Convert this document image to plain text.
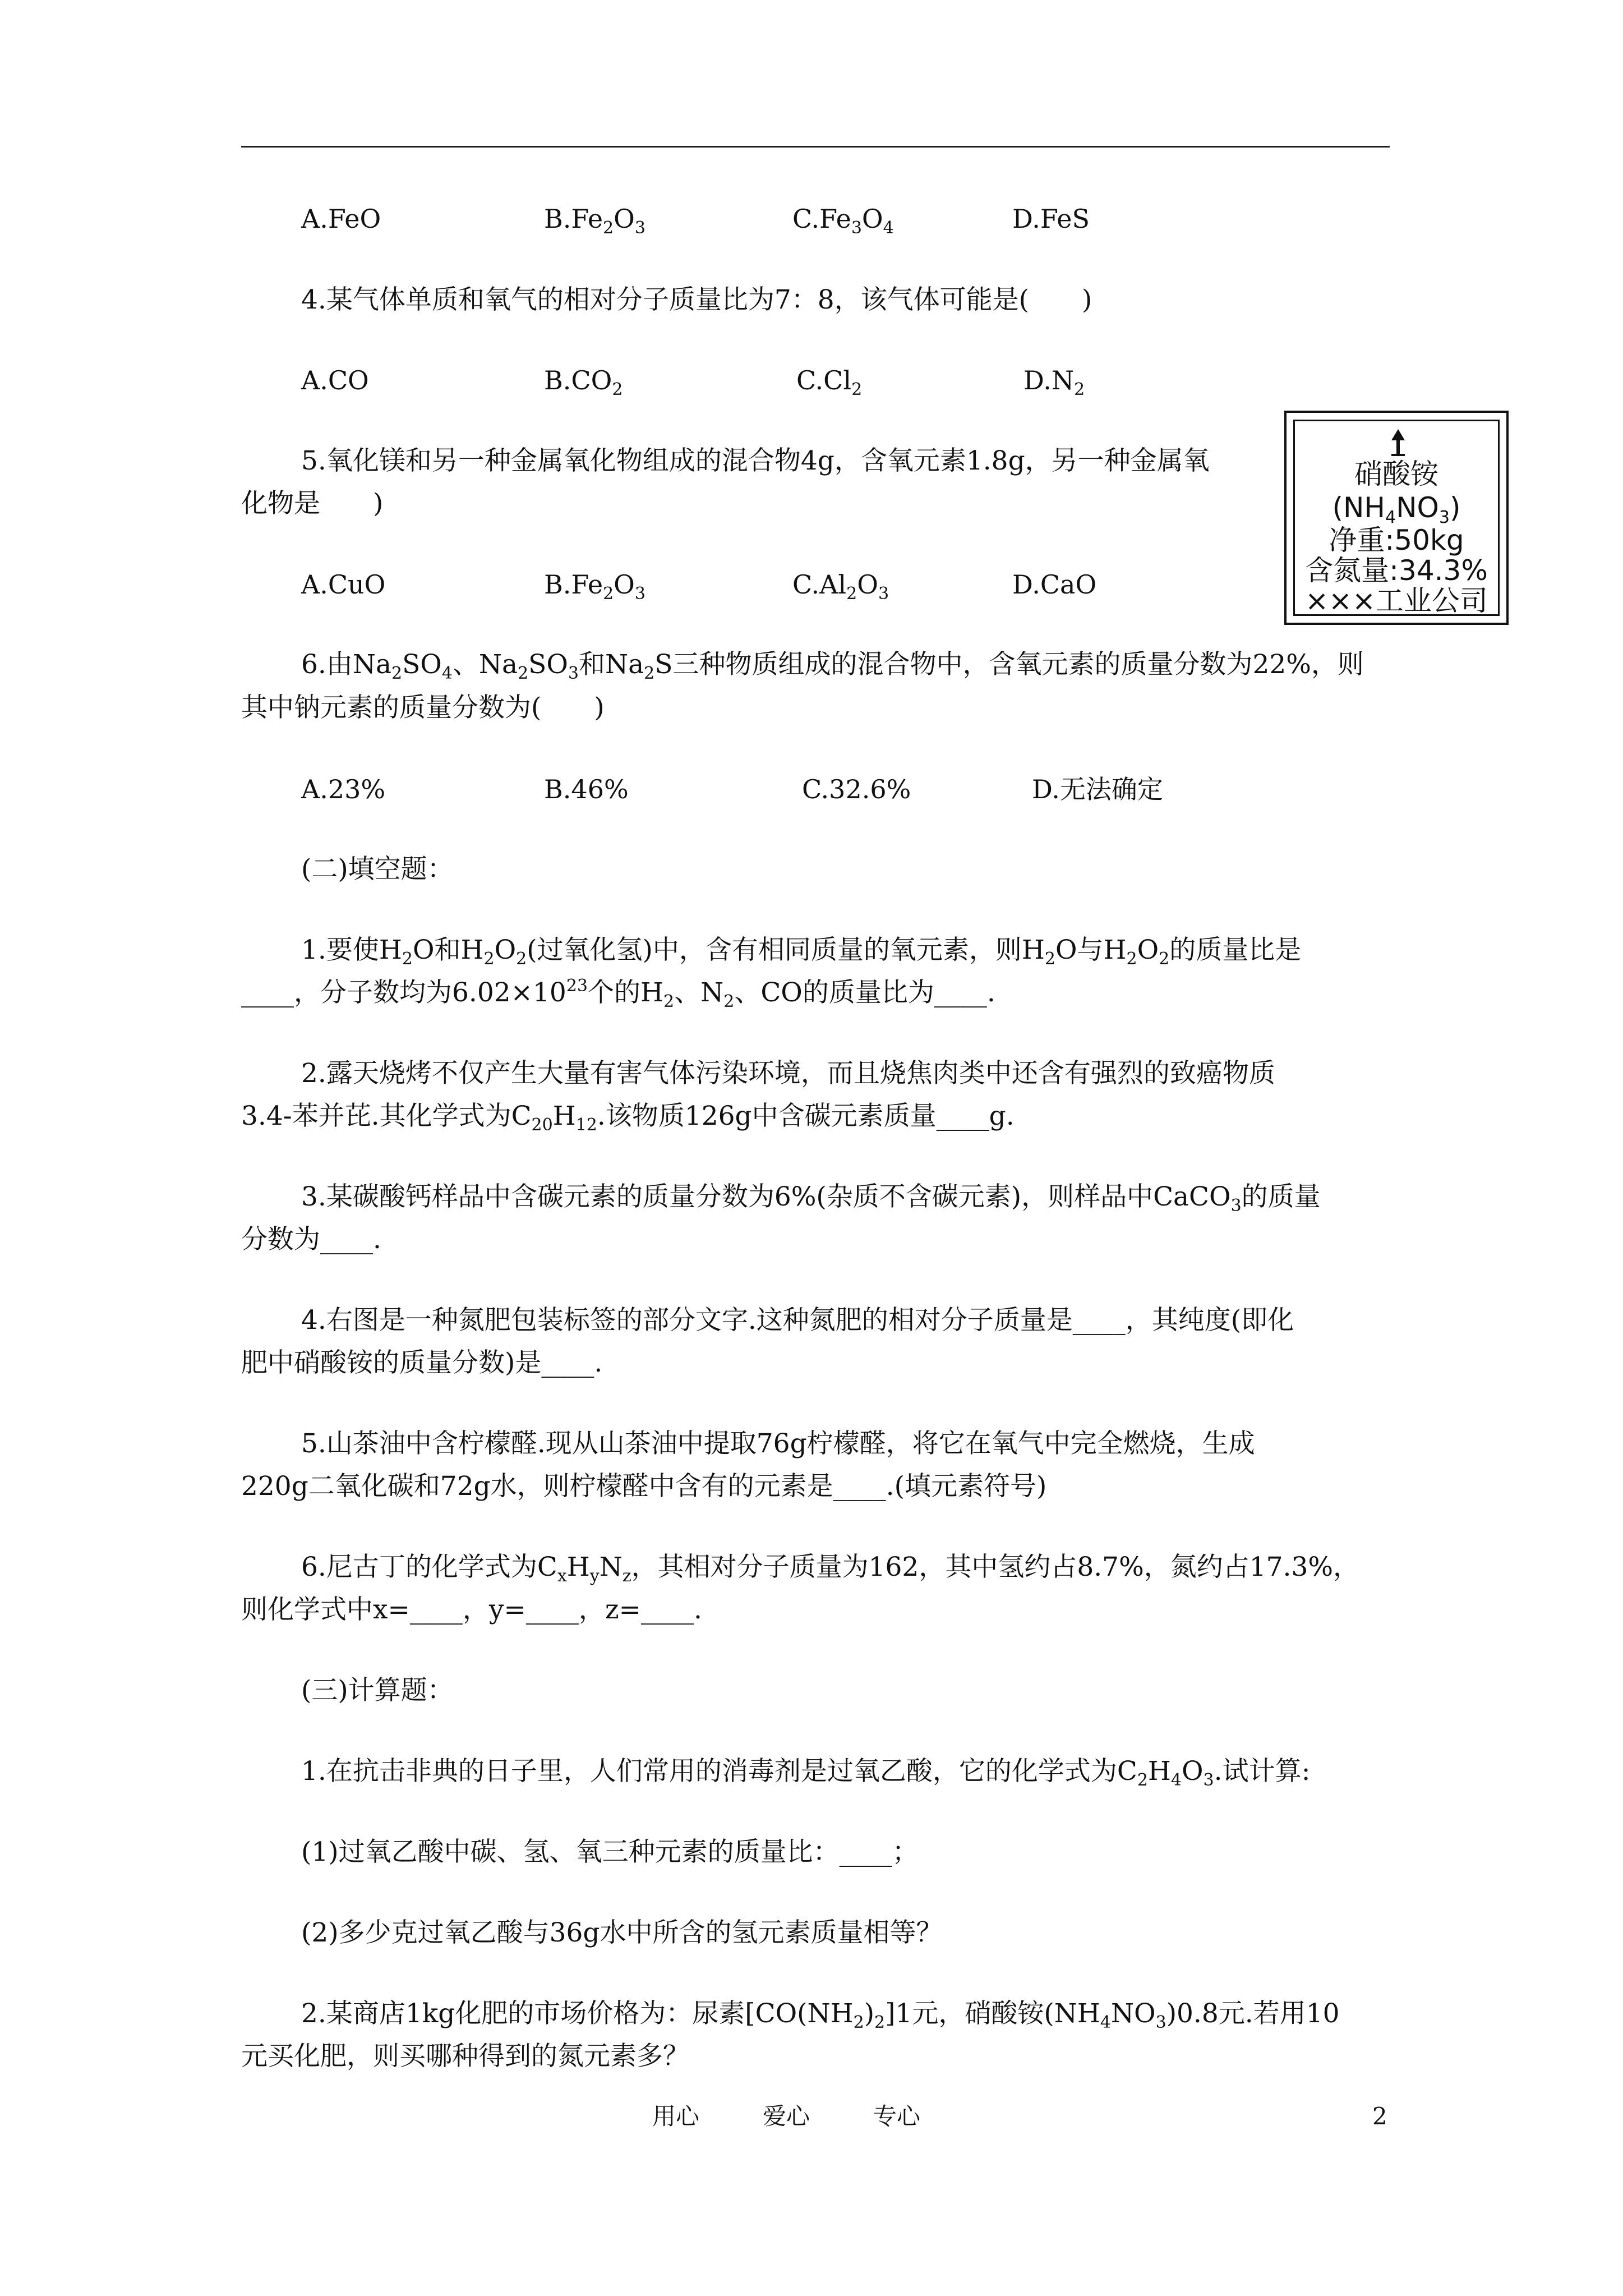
A.FeO	$B.Fe_2O_3$	$C.Fe_3O_4$	D.FeS
4.某气体单质和氧气的相对分子质量比为7：8，该气体可能是(　　)
A.CO	$B.CO_2$	$C.Cl_2$	$D.N_2$
5.氧化镁和另一种金属氧化物组成的混合物4g，含氧元素1.8g，另一种金属氧
化物是　　)
A.CuO	$B.Fe_2O_3$	$C.Al_2O_3$	D.CaO
硝酸铵
$(NH_4NO_3)$
净重:50kg
含氮量:34.3%
×××工业公司
6.由$Na_2SO_4$、$Na_2SO_3$和$Na_2S$三种物质组成的混合物中，含氧元素的质量分数为22%，则
其中钠元素的质量分数为(　　)
A.23%	B.46%	C.32.6%	D.无法确定
(二)填空题：
1.要使$H_2O$和$H_2O_2$(过氧化氢)中，含有相同质量的氧元素，则$H_2O$与$H_2O_2$的质量比是
____，分子数均为$6.02\times 10^{23}$个的$H_2$、$N_2$、CO的质量比为____.
2.露天烧烤不仅产生大量有害气体污染环境，而且烧焦肉类中还含有强烈的致癌物质
3.4-苯并芘.其化学式为$C_{20}H_{12}$.该物质126g中含碳元素质量____g.
3.某碳酸钙样品中含碳元素的质量分数为6%(杂质不含碳元素)，则样品中CaCO$_3$的质量
分数为____.
4.右图是一种氮肥包装标签的部分文字.这种氮肥的相对分子质量是____，其纯度(即化
肥中硝酸铵的质量分数)是____.
5.山茶油中含柠檬醛.现从山茶油中提取76g柠檬醛，将它在氧气中完全燃烧，生成
220g二氧化碳和72g水，则柠檬醛中含有的元素是____.(填元素符号)
6.尼古丁的化学式为$C_xH_yN_z$，其相对分子质量为162，其中氢约占8.7%，氮约占17.3%，
则化学式中x=____，y=____，z=____.
(三)计算题：
1.在抗击非典的日子里，人们常用的消毒剂是过氧乙酸，它的化学式为$C_2H_4O_3$.试计算:
(1)过氧乙酸中碳、氢、氧三种元素的质量比：____；
(2)多少克过氧乙酸与36g水中所含的氢元素质量相等？
2.某商店1kg化肥的市场价格为：尿素$[CO(NH_2)_2]1$元，硝酸铵$(NH_4NO_3)0.8$元.若用10
元买化肥，则买哪种得到的氮元素多？
用心	爱心	专心	2
